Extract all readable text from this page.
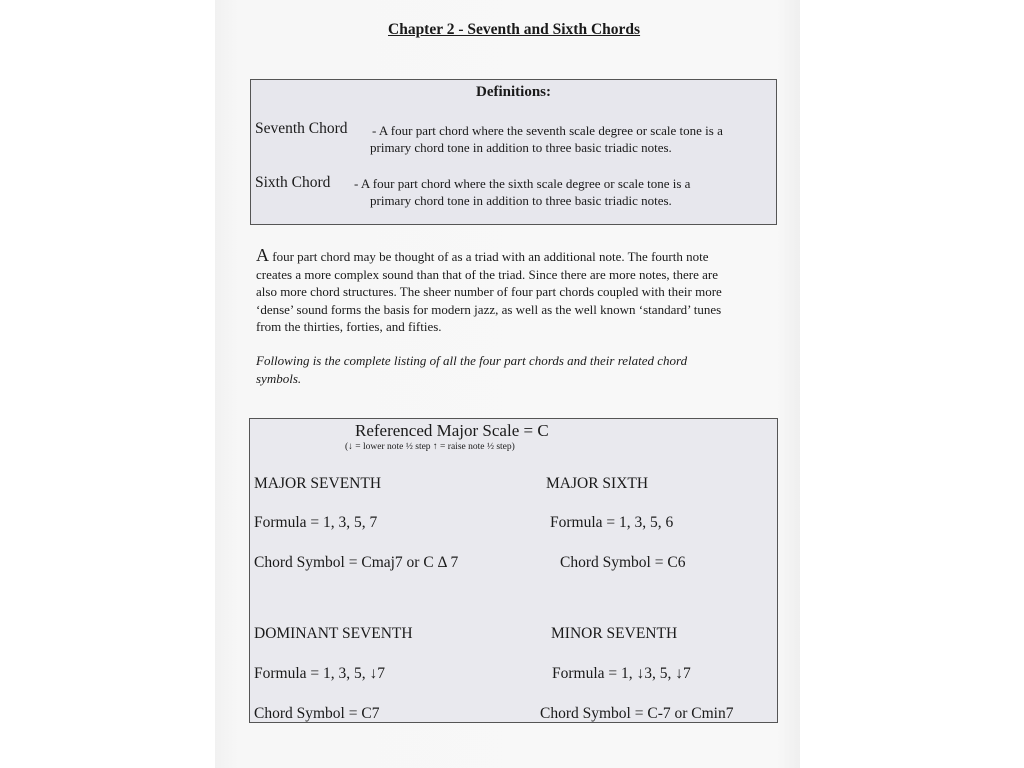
Chapter 2 - Seventh and Sixth Chords
Definitions:
Seventh Chord - A four part chord where the seventh scale degree or scale tone is a
primary chord tone in addition to three basic triadic notes.
Sixth Chord - A four part chord where the sixth scale degree or scale tone is a
primary chord tone in addition to three basic triadic notes.
A four part chord may be thought of as a triad with an additional note. The fourth note
creates a more complex sound than that of the triad. Since there are more notes, there are
also more chord structures. The sheer number of four part chords coupled with their more
‘dense’ sound forms the basis for modern jazz, as well as the well known ‘standard’ tunes
from the thirties, forties, and fifties.
Following is the complete listing of all the four part chords and their related chord
symbols.
Referenced Major Scale = C
(↓ = lower note ½ step ↑ = raise note ½ step)
MAJOR SEVENTH
Formula = 1, 3, 5, 7
Chord Symbol = Cmaj7 or C Δ 7
MAJOR SIXTH
Formula = 1, 3, 5, 6
Chord Symbol = C6
DOMINANT SEVENTH
Formula = 1, 3, 5, ↓7
Chord Symbol = C7
MINOR SEVENTH
Formula = 1, ↓3, 5, ↓7
Chord Symbol = C-7 or Cmin7
